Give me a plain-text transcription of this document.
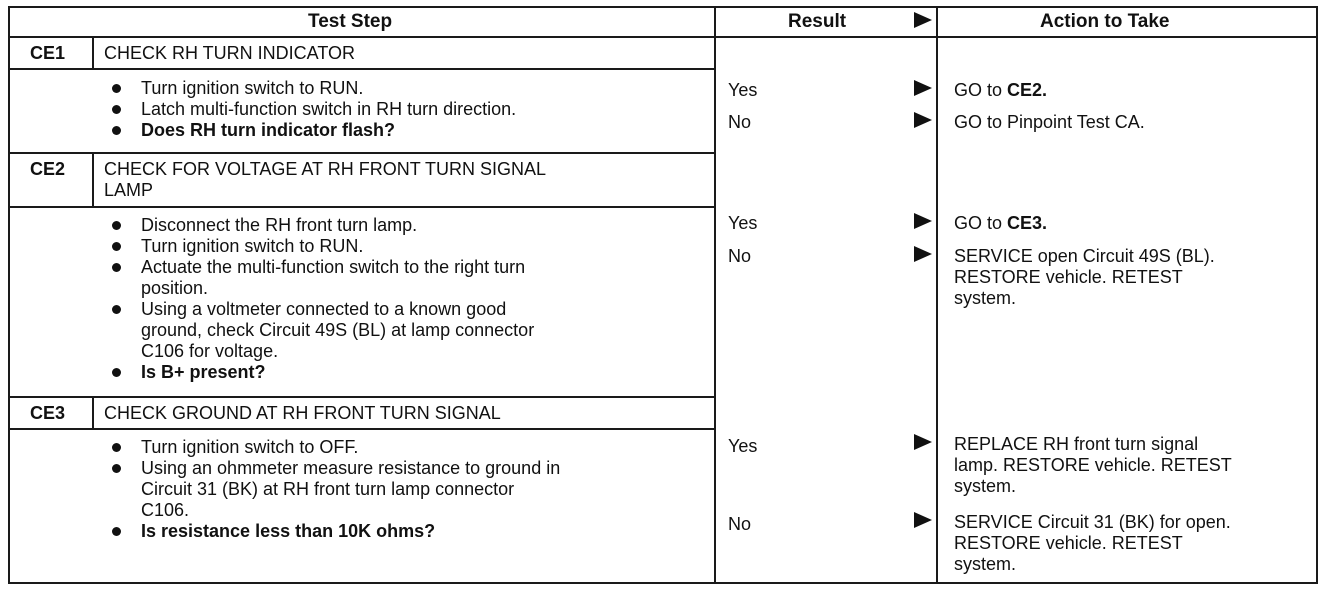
Test Step	Result	Action to Take
CE1 CHECK RH TURN INDICATOR
Turn ignition switch to RUN.
Latch multi-function switch in RH turn direction.
Does RH turn indicator flash?
Yes
No
GO to CE2.
GO to Pinpoint Test CA.
CE2 CHECK FOR VOLTAGE AT RH FRONT TURN SIGNAL
LAMP
Disconnect the RH front turn lamp.
Turn ignition switch to RUN.
Actuate the multi-function switch to the right turn
position.
Using a voltmeter connected to a known good
ground, check Circuit 49S (BL) at lamp connector
C106 for voltage.
Is B+ present?
Yes
No
GO to CE3.
SERVICE open Circuit 49S (BL).
RESTORE vehicle. RETEST
system.
CE3 CHECK GROUND AT RH FRONT TURN SIGNAL
Turn ignition switch to OFF.
Using an ohmmeter measure resistance to ground in
Circuit 31 (BK) at RH front turn lamp connector
C106.
Is resistance less than 10K ohms?
Yes
No
REPLACE RH front turn signal
lamp. RESTORE vehicle. RETEST
system.
SERVICE Circuit 31 (BK) for open.
RESTORE vehicle. RETEST
system.
